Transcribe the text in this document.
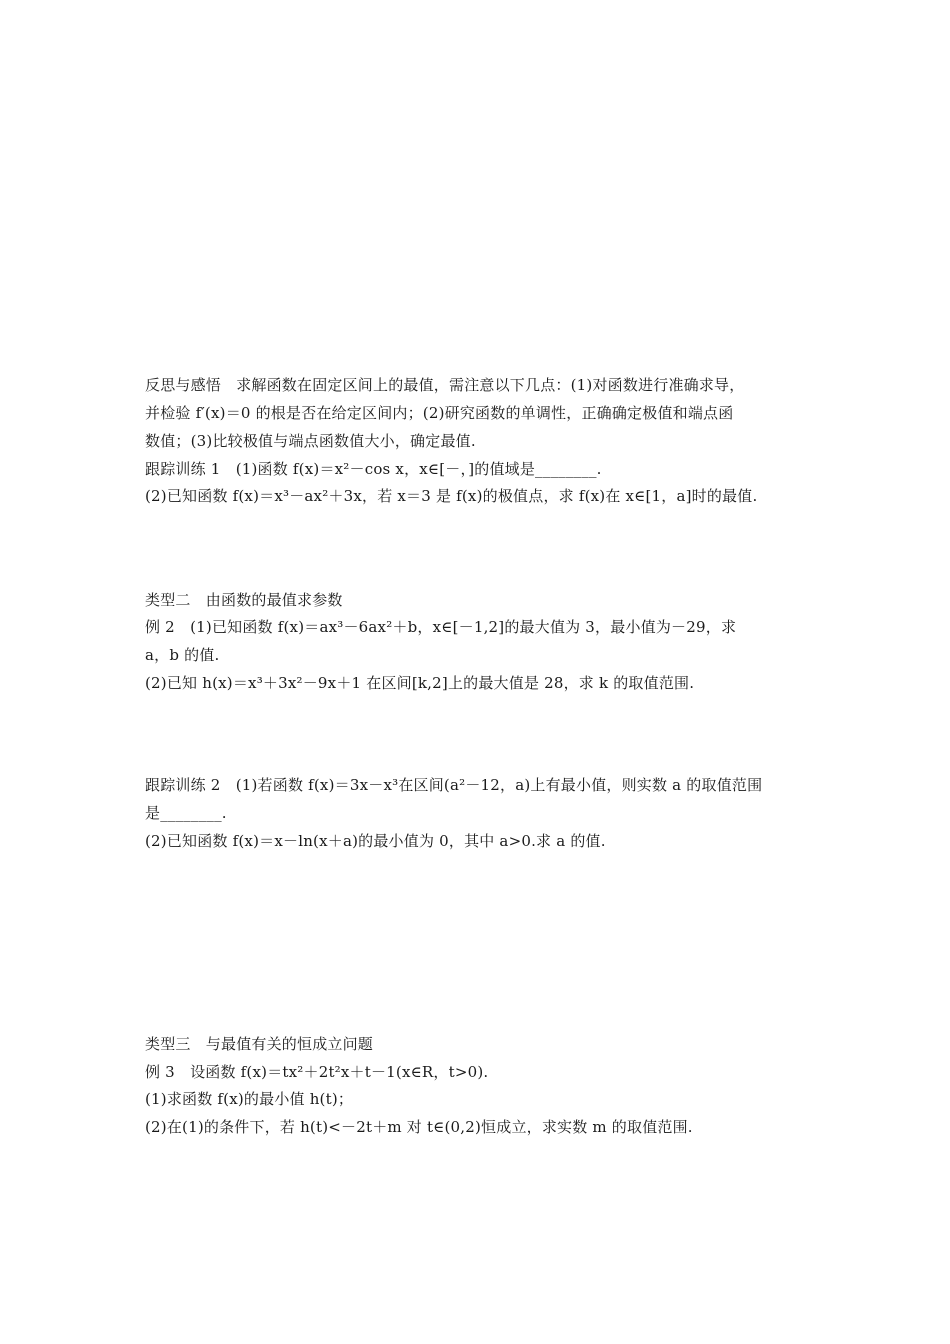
反思与感悟　求解函数在固定区间上的最值，需注意以下几点：(1)对函数进行准确求导，
并检验 f′(x)＝0 的根是否在给定区间内；(2)研究函数的单调性，正确确定极值和端点函
数值；(3)比较极值与端点函数值大小，确定最值.
跟踪训练 1　(1)函数 f(x)＝x²－cos x，x∈[－，]的值域是________.
(2)已知函数 f(x)＝x³－ax²＋3x，若 x＝3 是 f(x)的极值点，求 f(x)在 x∈[1，a]时的最值.
类型二　由函数的最值求参数
例 2　(1)已知函数 f(x)＝ax³－6ax²＋b，x∈[－1,2]的最大值为 3，最小值为－29，求
a，b 的值.
(2)已知 h(x)＝x³＋3x²－9x＋1 在区间[k,2]上的最大值是 28，求 k 的取值范围.
跟踪训练 2　(1)若函数 f(x)＝3x－x³在区间(a²－12，a)上有最小值，则实数 a 的取值范围
是________.
(2)已知函数 f(x)＝x－ln(x＋a)的最小值为 0，其中 a>0.求 a 的值.
类型三　与最值有关的恒成立问题
例 3　设函数 f(x)＝tx²＋2t²x＋t－1(x∈R，t>0).
(1)求函数 f(x)的最小值 h(t)；
(2)在(1)的条件下，若 h(t)<－2t＋m 对 t∈(0,2)恒成立，求实数 m 的取值范围.
